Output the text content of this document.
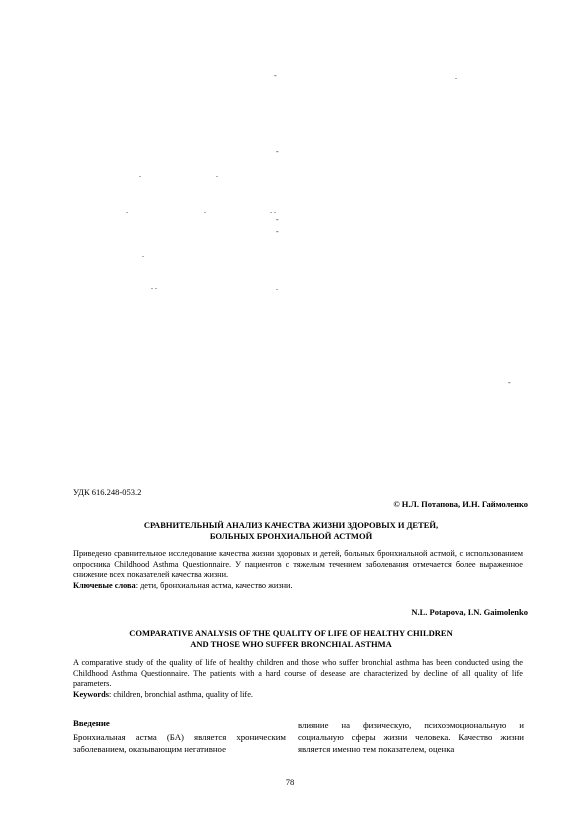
-	.
-
.	.
.	.	. .
-
-
.
. .	.
-
УДК 616.248-053.2
© Н.Л. Потапова, И.Н. Гаймоленко
СРАВНИТЕЛЬНЫЙ АНАЛИЗ КАЧЕСТВА ЖИЗНИ ЗДОРОВЫХ И ДЕТЕЙ,
БОЛЬНЫХ БРОНХИАЛЬНОЙ АСТМОЙ

Приведено сравнительное исследование качества жизни здоровых и детей, больных бронхиальной астмой, с использованием опросника Childhood Asthma Questionnaire. У пациентов с тяжелым течением заболевания отмечается более выраженное снижение всех показателей качества жизни.

Ключевые слова: дети, бронхиальная астма, качество жизни.

N.L. Potapova, I.N. Gaimolenko
COMPARATIVE ANALYSIS OF THE QUALITY OF LIFE OF HEALTHY CHILDREN
AND THOSE WHO SUFFER BRONCHIAL ASTHMA

A comparative study of the quality of life of healthy children and those who suffer bronchial asthma has been conducted using the Childhood Asthma Questionnaire. The patients with a hard course of desease are characterized by decline of all quality of life parameters.

Keywords: children, bronchial asthma, quality of life.

Введение

Бронхиальная астма (БА) является хроническим заболеванием, оказывающим негативное

влияние на физическую, психоэмоциональную и социальную сферы жизни человека. Качество жизни является именно тем показателем, оценка

78
